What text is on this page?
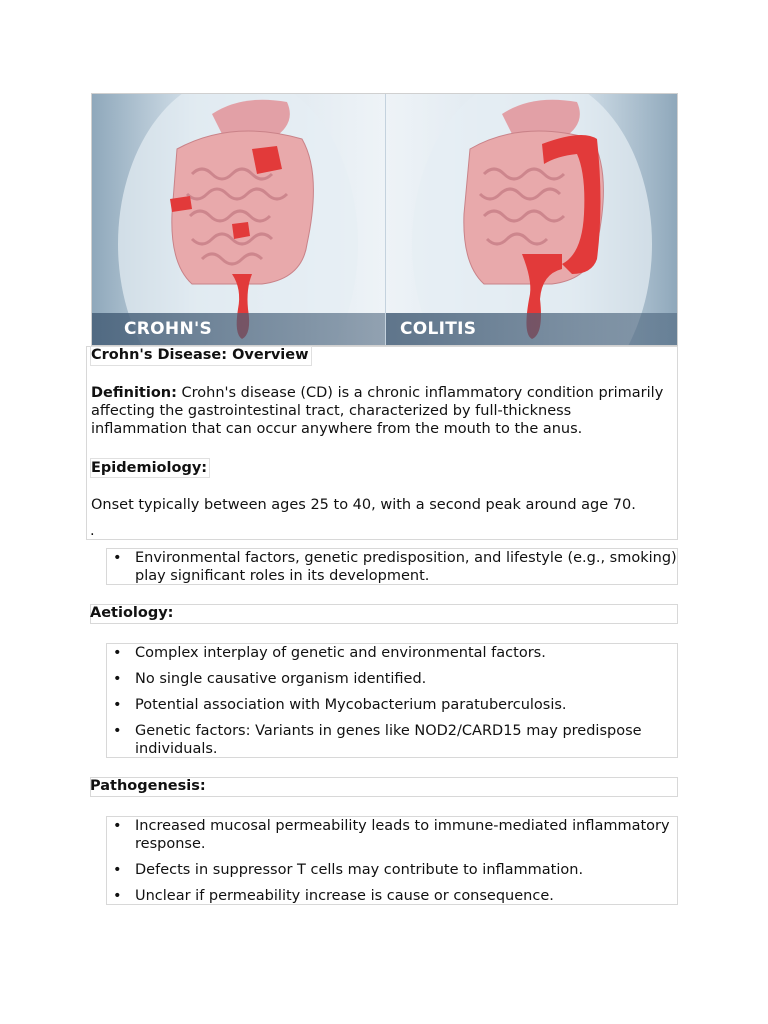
CROHN'S	COLITIS
Crohn's Disease: Overview
Definition: Crohn's disease (CD) is a chronic inflammatory condition primarily affecting the gastrointestinal tract, characterized by full-thickness inflammation that can occur anywhere from the mouth to the anus.
Epidemiology:
Onset typically between ages 25 to 40, with a second peak around age 70.
.
• Environmental factors, genetic predisposition, and lifestyle (e.g., smoking) play significant roles in its development.
Aetiology:
• Complex interplay of genetic and environmental factors.
• No single causative organism identified.
• Potential association with Mycobacterium paratuberculosis.
• Genetic factors: Variants in genes like NOD2/CARD15 may predispose individuals.
Pathogenesis:
• Increased mucosal permeability leads to immune-mediated inflammatory response.
• Defects in suppressor T cells may contribute to inflammation.
• Unclear if permeability increase is cause or consequence.
